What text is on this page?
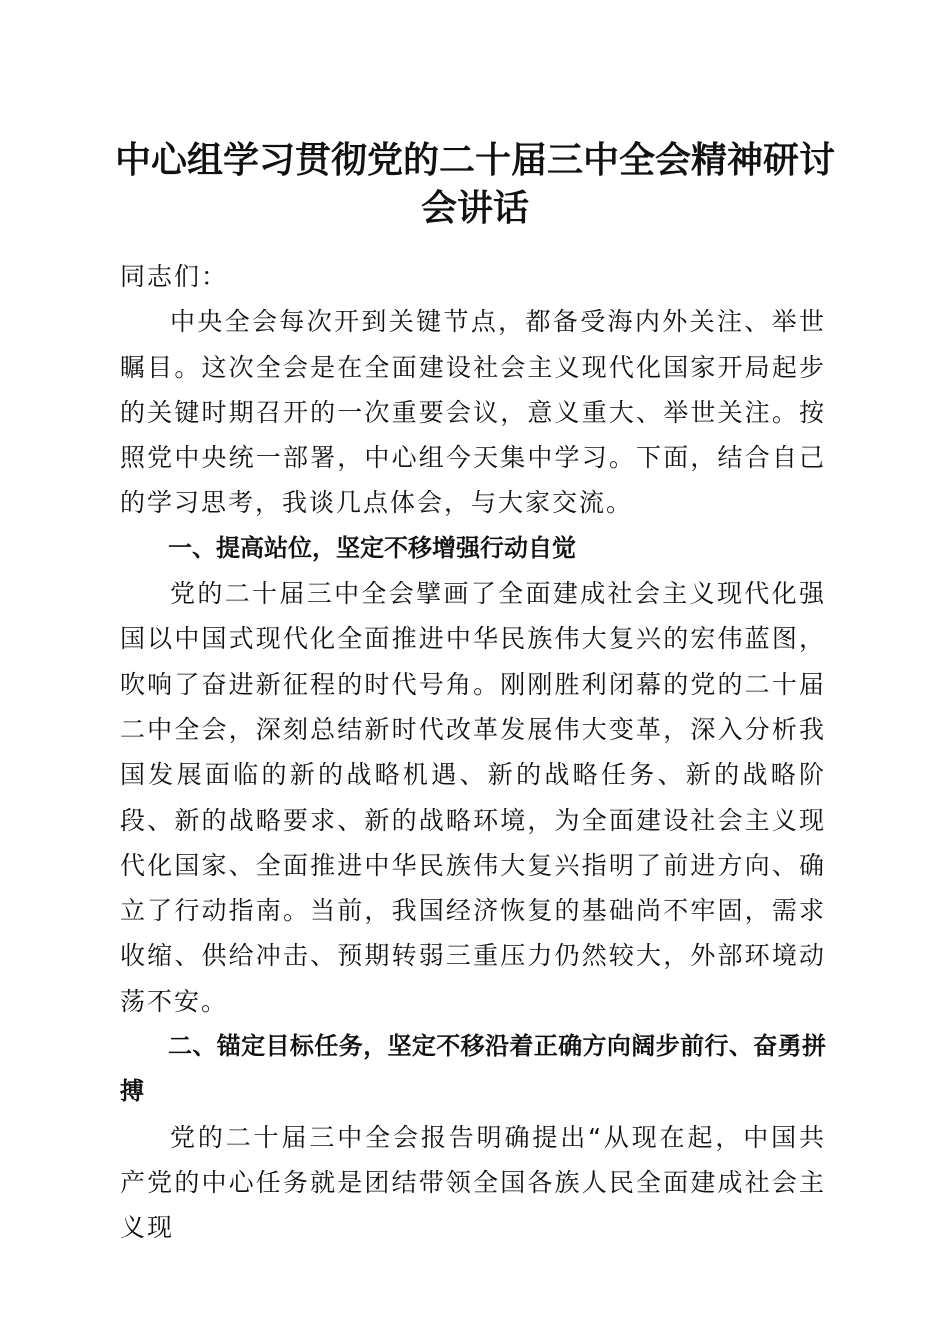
中心组学习贯彻党的二十届三中全会精神研讨会讲话

同志们：

中央全会每次开到关键节点，都备受海内外关注、举世瞩目。这次全会是在全面建设社会主义现代化国家开局起步的关键时期召开的一次重要会议，意义重大、举世关注。按照党中央统一部署，中心组今天集中学习。下面，结合自己的学习思考，我谈几点体会，与大家交流。

一、提高站位，坚定不移增强行动自觉

党的二十届三中全会擘画了全面建成社会主义现代化强国以中国式现代化全面推进中华民族伟大复兴的宏伟蓝图，吹响了奋进新征程的时代号角。刚刚胜利闭幕的党的二十届二中全会，深刻总结新时代改革发展伟大变革，深入分析我国发展面临的新的战略机遇、新的战略任务、新的战略阶段、新的战略要求、新的战略环境，为全面建设社会主义现代化国家、全面推进中华民族伟大复兴指明了前进方向、确立了行动指南。当前，我国经济恢复的基础尚不牢固，需求收缩、供给冲击、预期转弱三重压力仍然较大，外部环境动荡不安。

二、锚定目标任务，坚定不移沿着正确方向阔步前行、奋勇拼搏

党的二十届三中全会报告明确提出“从现在起，中国共产党的中心任务就是团结带领全国各族人民全面建成社会主义现
